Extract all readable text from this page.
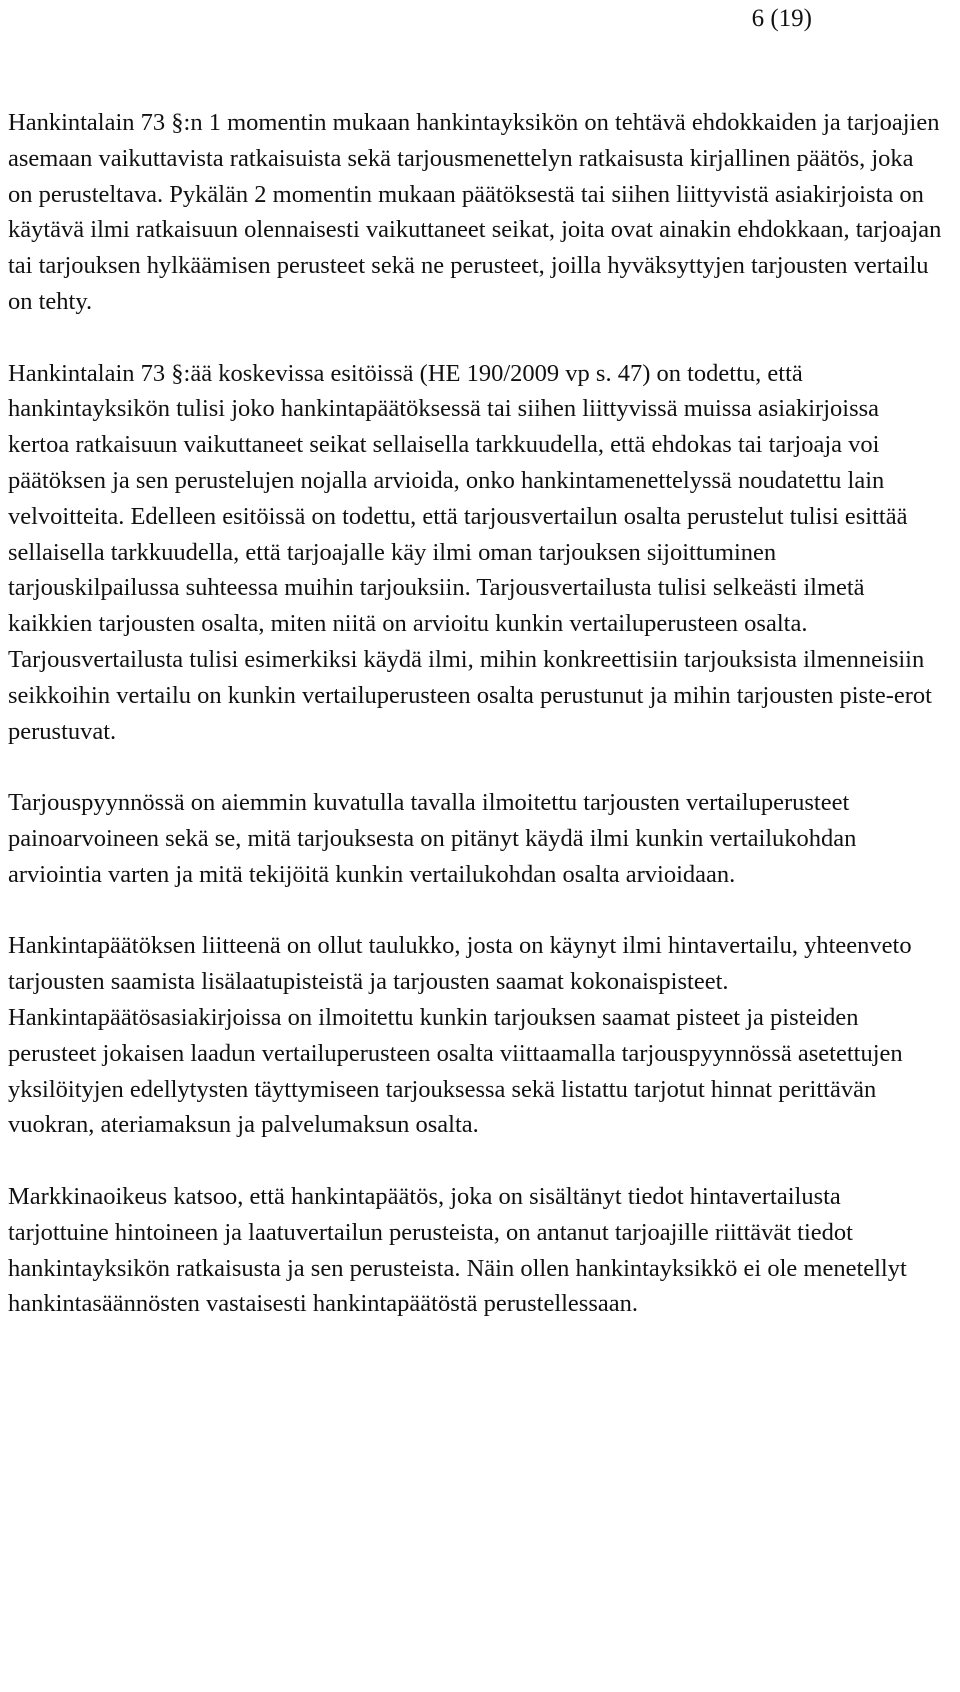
6 (19)

Hankintalain 73 §:n 1 momentin mukaan hankintayksikön on tehtävä ehdokkaiden ja tarjoajien asemaan vaikuttavista ratkaisuista sekä tarjousmenettelyn ratkaisusta kirjallinen päätös, joka on perusteltava. Pykälän 2 momentin mukaan päätöksestä tai siihen liittyvistä asiakirjoista on käytävä ilmi ratkaisuun olennaisesti vaikuttaneet seikat, joita ovat ainakin ehdokkaan, tarjoajan tai tarjouksen hylkäämisen perusteet sekä ne perusteet, joilla hyväksyttyjen tarjousten vertailu on tehty.

Hankintalain 73 §:ää koskevissa esitöissä (HE 190/2009 vp s. 47) on todettu, että hankintayksikön tulisi joko hankintapäätöksessä tai siihen liittyvissä muissa asiakirjoissa kertoa ratkaisuun vaikuttaneet seikat sellaisella tarkkuudella, että ehdokas tai tarjoaja voi päätöksen ja sen perustelujen nojalla arvioida, onko hankintamenettelyssä noudatettu lain velvoitteita. Edelleen esitöissä on todettu, että tarjousvertailun osalta perustelut tulisi esittää sellaisella tarkkuudella, että tarjoajalle käy ilmi oman tarjouksen sijoittuminen tarjouskilpailussa suhteessa muihin tarjouksiin. Tarjousvertailusta tulisi selkeästi ilmetä kaikkien tarjousten osalta, miten niitä on arvioitu kunkin vertailuperusteen osalta. Tarjousvertailusta tulisi esimerkiksi käydä ilmi, mihin konkreettisiin tarjouksista ilmenneisiin seikkoihin vertailu on kunkin vertailuperusteen osalta perustunut ja mihin tarjousten piste-erot perustuvat.

Tarjouspyynnössä on aiemmin kuvatulla tavalla ilmoitettu tarjousten vertailuperusteet painoarvoineen sekä se, mitä tarjouksesta on pitänyt käydä ilmi kunkin vertailukohdan arviointia varten ja mitä tekijöitä kunkin vertailukohdan osalta arvioidaan.

Hankintapäätöksen liitteenä on ollut taulukko, josta on käynyt ilmi hintavertailu, yhteenveto tarjousten saamista lisälaatupisteistä ja tarjousten saamat kokonaispisteet. Hankintapäätösasiakirjoissa on ilmoitettu kunkin tarjouksen saamat pisteet ja pisteiden perusteet jokaisen laadun vertailuperusteen osalta viittaamalla tarjouspyynnössä asetettujen yksilöityjen edellytysten täyttymiseen tarjouksessa sekä listattu tarjotut hinnat perittävän vuokran, ateriamaksun ja palvelumaksun osalta.

Markkinaoikeus katsoo, että hankintapäätös, joka on sisältänyt tiedot hintavertailusta tarjottuine hintoineen ja laatuvertailun perusteista, on antanut tarjoajille riittävät tiedot hankintayksikön ratkaisusta ja sen perusteista. Näin ollen hankintayksikkö ei ole menetellyt hankintasäännösten vastaisesti hankintapäätöstä perustellessaan.
